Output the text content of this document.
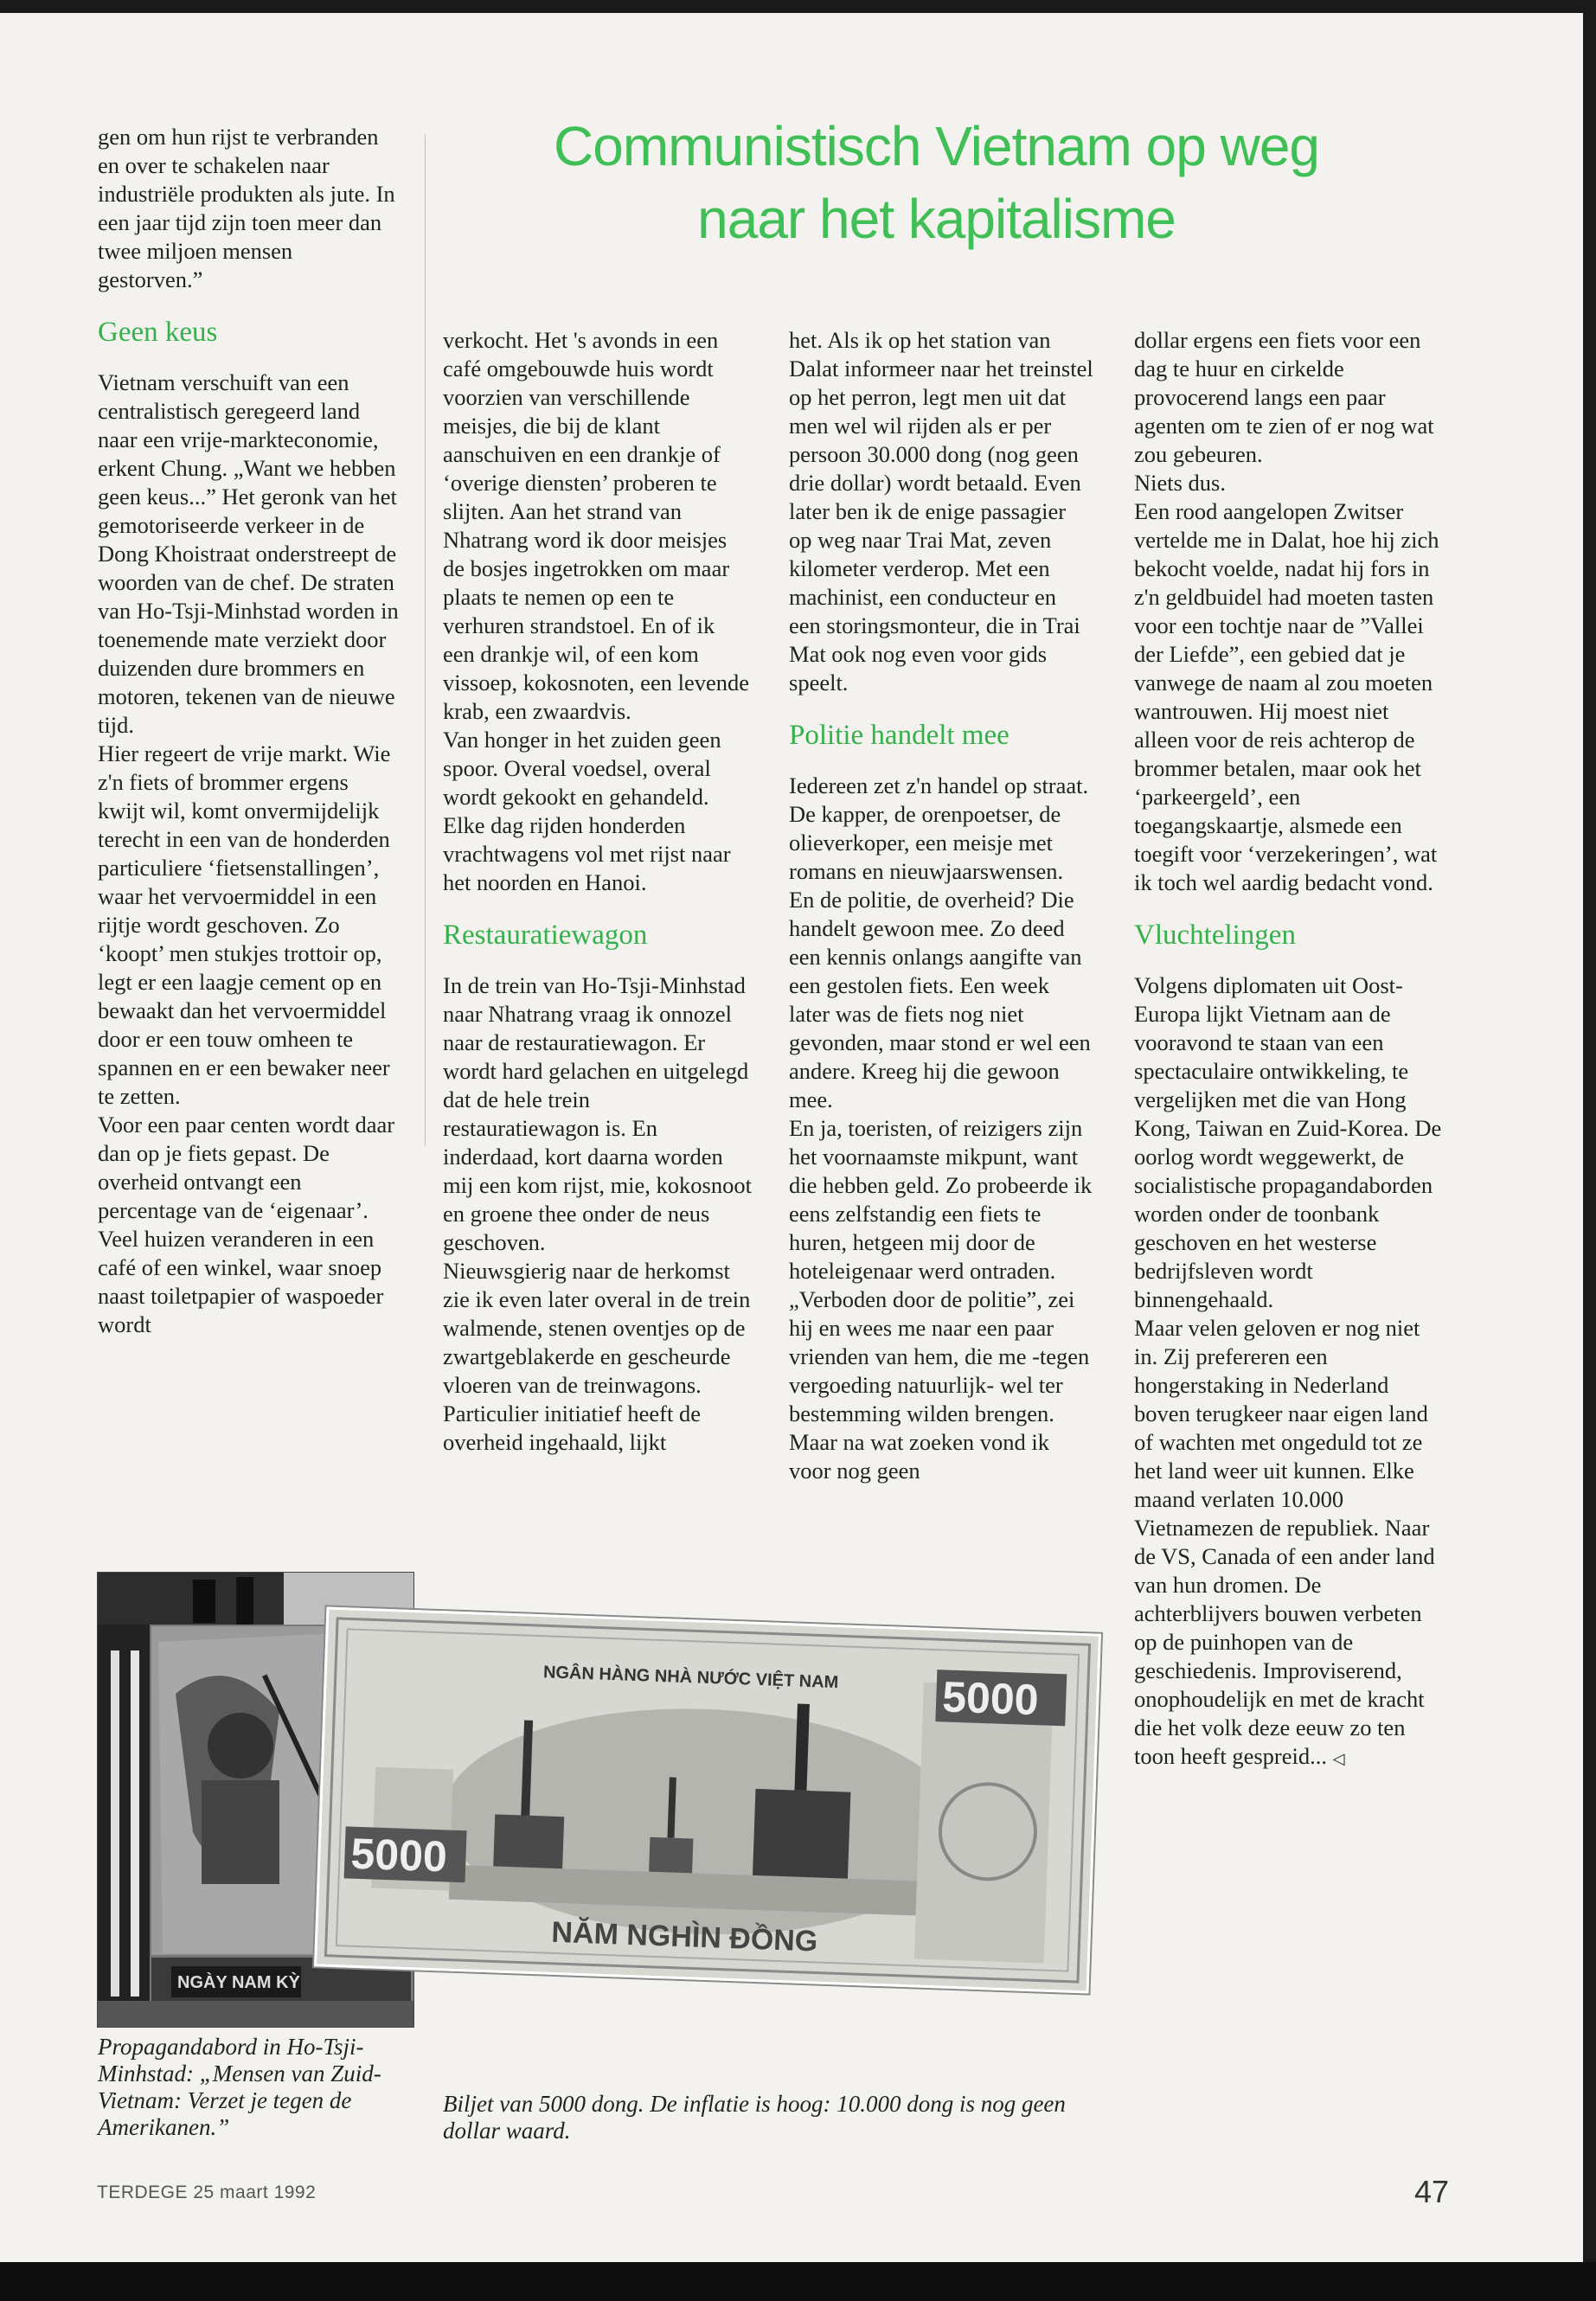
Communistisch Vietnam op weg
naar het kapitalisme

gen om hun rijst te verbranden en over te schakelen naar industriële produkten als jute. In een jaar tijd zijn toen meer dan twee miljoen mensen gestorven.”

Geen keus

Vietnam verschuift van een centralistisch geregeerd land naar een vrije-markteconomie, erkent Chung. „Want we hebben geen keus...” Het geronk van het gemotoriseerde verkeer in de Dong Khoistraat onderstreept de woorden van de chef. De straten van Ho-Tsji-Minhstad worden in toenemende mate verziekt door duizenden dure brommers en motoren, tekenen van de nieuwe tijd.

Hier regeert de vrije markt. Wie z'n fiets of brommer ergens kwijt wil, komt onvermijdelijk terecht in een van de honderden particuliere ‘fietsenstallingen’, waar het vervoermiddel in een rijtje wordt geschoven. Zo ‘koopt’ men stukjes trottoir op, legt er een laagje cement op en bewaakt dan het vervoermiddel door er een touw omheen te spannen en er een bewaker neer te zetten.

Voor een paar centen wordt daar dan op je fiets gepast. De overheid ontvangt een percentage van de ‘eigenaar’.

Veel huizen veranderen in een café of een winkel, waar snoep naast toiletpapier of waspoeder wordt

verkocht. Het 's avonds in een café omgebouwde huis wordt voorzien van verschillende meisjes, die bij de klant aanschuiven en een drankje of ‘overige diensten’ proberen te slijten. Aan het strand van Nhatrang word ik door meisjes de bosjes ingetrokken om maar plaats te nemen op een te verhuren strandstoel. En of ik een drankje wil, of een kom vissoep, kokosnoten, een levende krab, een zwaardvis.

Van honger in het zuiden geen spoor. Overal voedsel, overal wordt gekookt en gehandeld. Elke dag rijden honderden vrachtwagens vol met rijst naar het noorden en Hanoi.

Restauratiewagon

In de trein van Ho-Tsji-Minhstad naar Nhatrang vraag ik onnozel naar de restauratiewagon. Er wordt hard gelachen en uitgelegd dat de hele trein restauratiewagon is. En inderdaad, kort daarna worden mij een kom rijst, mie, kokosnoot en groene thee onder de neus geschoven.

Nieuwsgierig naar de herkomst zie ik even later overal in de trein walmende, stenen oventjes op de zwartgeblakerde en gescheurde vloeren van de treinwagons.

Particulier initiatief heeft de overheid ingehaald, lijkt

het. Als ik op het station van Dalat informeer naar het treinstel op het perron, legt men uit dat men wel wil rijden als er per persoon 30.000 dong (nog geen drie dollar) wordt betaald. Even later ben ik de enige passagier op weg naar Trai Mat, zeven kilometer verderop. Met een machinist, een conducteur en een storingsmonteur, die in Trai Mat ook nog even voor gids speelt.

Politie handelt mee

Iedereen zet z'n handel op straat. De kapper, de orenpoetser, de olieverkoper, een meisje met romans en nieuwjaarswensen. En de politie, de overheid? Die handelt gewoon mee. Zo deed een kennis onlangs aangifte van een gestolen fiets. Een week later was de fiets nog niet gevonden, maar stond er wel een andere. Kreeg hij die gewoon mee.

En ja, toeristen, of reizigers zijn het voornaamste mikpunt, want die hebben geld. Zo probeerde ik eens zelfstandig een fiets te huren, hetgeen mij door de hoteleigenaar werd ontraden. „Verboden door de politie”, zei hij en wees me naar een paar vrienden van hem, die me -tegen vergoeding natuurlijk- wel ter bestemming wilden brengen. Maar na wat zoeken vond ik voor nog geen

dollar ergens een fiets voor een dag te huur en cirkelde provocerend langs een paar agenten om te zien of er nog wat zou gebeuren.

Niets dus.

Een rood aangelopen Zwitser vertelde me in Dalat, hoe hij zich bekocht voelde, nadat hij fors in z'n geldbuidel had moeten tasten voor een tochtje naar de ”Vallei der Liefde”, een gebied dat je vanwege de naam al zou moeten wantrouwen. Hij moest niet alleen voor de reis achterop de brommer betalen, maar ook het ‘parkeergeld’, een toegangskaartje, alsmede een toegift voor ‘verzekeringen’, wat ik toch wel aardig bedacht vond.

Vluchtelingen

Volgens diplomaten uit Oost-Europa lijkt Vietnam aan de vooravond te staan van een spectaculaire ontwikkeling, te vergelijken met die van Hong Kong, Taiwan en Zuid-Korea. De oorlog wordt weggewerkt, de socialistische propagandaborden worden onder de toonbank geschoven en het westerse bedrijfsleven wordt binnengehaald.

Maar velen geloven er nog niet in. Zij prefereren een hongerstaking in Nederland boven terugkeer naar eigen land of wachten met ongeduld tot ze het land weer uit kunnen. Elke maand verlaten 10.000 Vietnamezen de republiek. Naar de VS, Canada of een ander land van hun dromen. De achterblijvers bouwen verbeten op de puinhopen van de geschiedenis. Improviserend, onophoudelijk en met de kracht die het volk deze eeuw zo ten toon heeft gespreid... ◁

NGÀY NAM KỲ
NGÂN HÀNG NHÀ NƯỚC VIỆT NAM 5000
5000
NĂM NGHÌN ĐỒNG
Propagandabord in Ho-Tsji-Minhstad: „Mensen van Zuid-Vietnam: Verzet je tegen de Amerikanen.”
Biljet van 5000 dong. De inflatie is hoog: 10.000 dong is nog geen dollar waard.
TERDEGE 25 maart 1992	47
